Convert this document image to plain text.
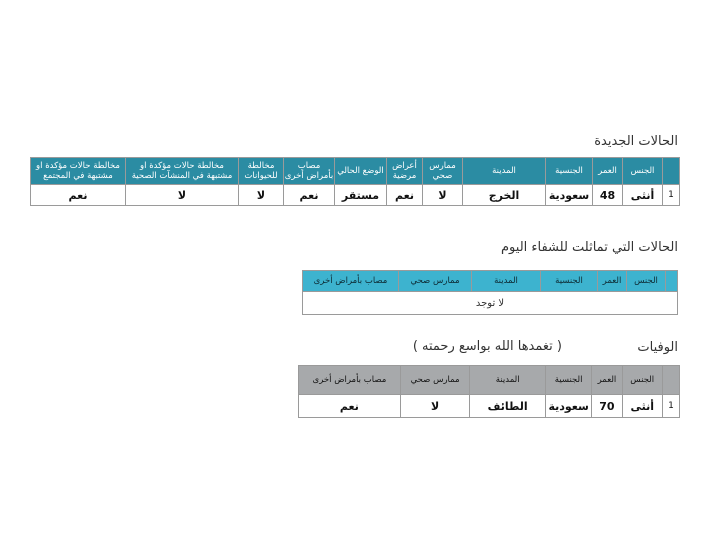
الحالات الجديدة
	الجنس	العمر	الجنسية	المدينة	ممارس صحي	أعراض مرضية	الوضع الحالي	مصاب بأمراض أخرى	مخالطة للحيوانات	مخالطة حالات مؤكدة او مشتبهة في المنشآت الصحية	مخالطة حالات مؤكدة او مشتبهة في المجتمع
1	أنثى	48	سعودية	الخرج	لا	نعم	مستقر	نعم	لا	لا	نعم
الحالات التي تماثلت للشفاء اليوم
	الجنس	العمر	الجنسية	المدينة	ممارس صحي	مصاب بأمراض أخرى
لا توجد
الوفيات
( تغمدها الله بواسع رحمته )
	الجنس	العمر	الجنسية	المدينة	ممارس صحي	مصاب بأمراض أخرى
1	أنثى	70	سعودية	الطائف	لا	نعم
